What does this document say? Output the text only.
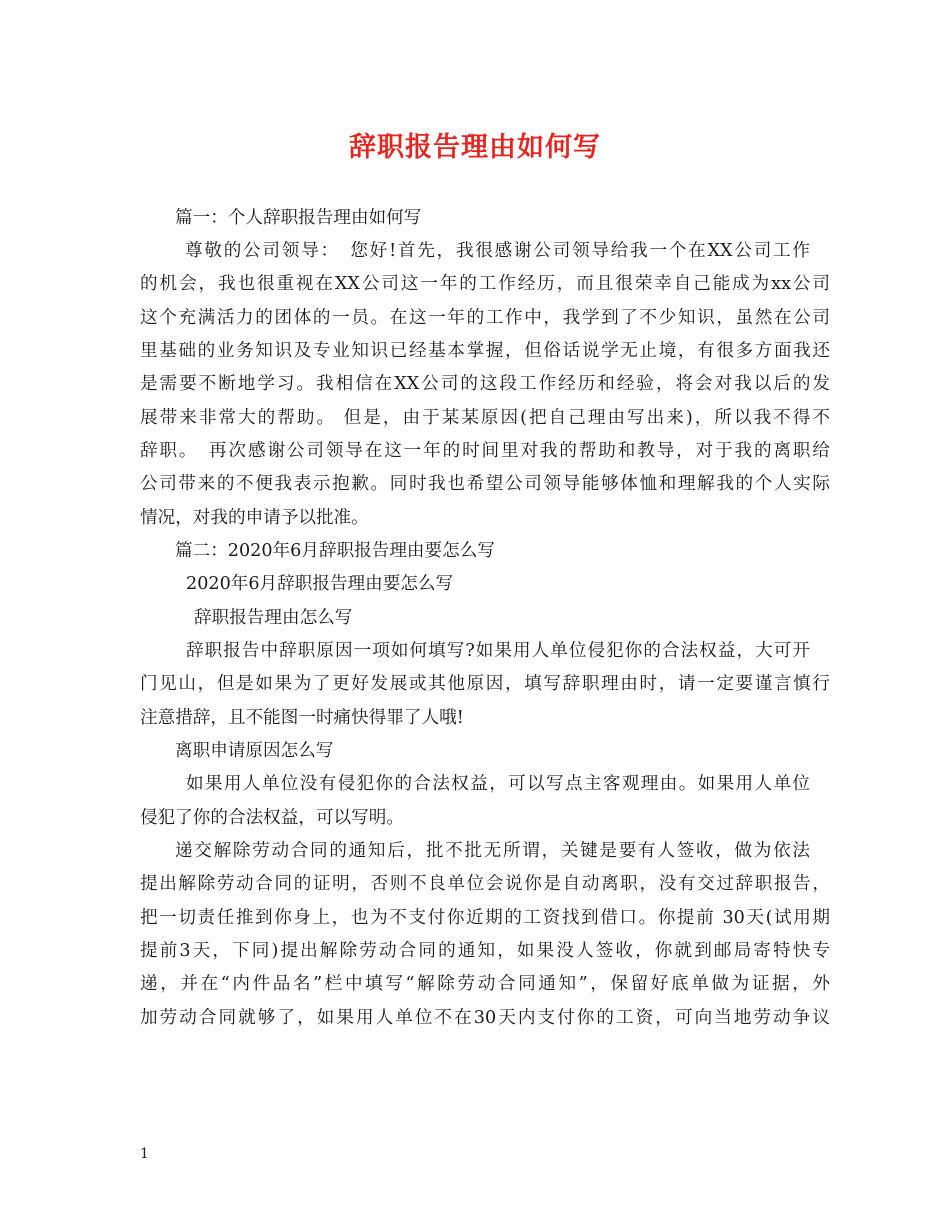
辞职报告理由如何写

篇一：个人辞职报告理由如何写

尊敬的公司领导：　您好!首先，我很感谢公司领导给我一个在XX公司工作

的机会，我也很重视在XX公司这一年的工作经历，而且很荣幸自己能成为xx公司

这个充满活力的团体的一员。在这一年的工作中，我学到了不少知识，虽然在公司

里基础的业务知识及专业知识已经基本掌握，但俗话说学无止境，有很多方面我还

是需要不断地学习。我相信在XX公司的这段工作经历和经验，将会对我以后的发

展带来非常大的帮助。 但是，由于某某原因(把自己理由写出来)，所以我不得不

辞职。　再次感谢公司领导在这一年的时间里对我的帮助和教导，对于我的离职给

公司带来的不便我表示抱歉。同时我也希望公司领导能够体恤和理解我的个人实际

情况，对我的申请予以批准。

篇二：2020年6月辞职报告理由要怎么写

2020年6月辞职报告理由要怎么写

辞职报告理由怎么写

辞职报告中辞职原因一项如何填写?如果用人单位侵犯你的合法权益，大可开

门见山，但是如果为了更好发展或其他原因，填写辞职理由时，请一定要谨言慎行

注意措辞，且不能图一时痛快得罪了人哦!

离职申请原因怎么写

如果用人单位没有侵犯你的合法权益，可以写点主客观理由。如果用人单位

侵犯了你的合法权益，可以写明。

递交解除劳动合同的通知后，批不批无所谓，关键是要有人签收，做为依法

提出解除劳动合同的证明，否则不良单位会说你是自动离职，没有交过辞职报告，

把一切责任推到你身上，也为不支付你近期的工资找到借口。你提前 30天(试用期

提前3天，下同)提出解除劳动合同的通知，如果没人签收，你就到邮局寄特快专

递，并在“内件品名”栏中填写“解除劳动合同通知”，保留好底单做为证据，外

加劳动合同就够了，如果用人单位不在30天内支付你的工资，可向当地劳动争议

1
